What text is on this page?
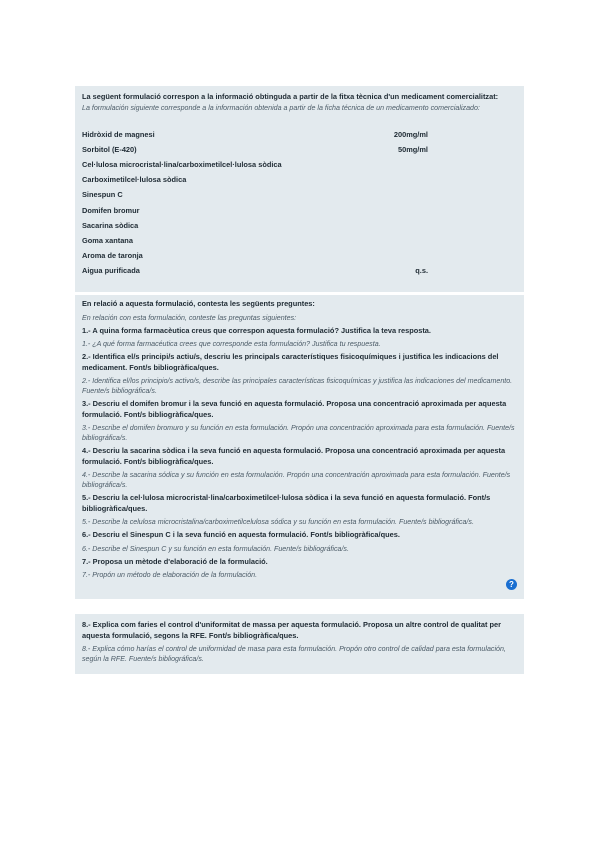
La següent formulació correspon a la informació obtinguda a partir de la fitxa tècnica d'un medicament comercialitzat:

La formulación siguiente corresponde a la información obtenida a partir de la ficha técnica de un medicamento comercializado:

Hidròxid de magnesi	200mg/ml
Sorbitol (E-420)	50mg/ml
Cel·lulosa microcristal·lina/carboximetilcel·lulosa sòdica
Carboximetilcel·lulosa sòdica
Sinespun C
Domifen bromur
Sacarina sòdica
Goma xantana
Aroma de taronja
Aigua purificada	q.s.

En relació a aquesta formulació, contesta les següents preguntes:

En relación con esta formulación, conteste las preguntas siguientes:

1.- A quina forma farmacèutica creus que correspon aquesta formulació? Justifica la teva resposta.

1.- ¿A qué forma farmacéutica crees que corresponde esta formulación? Justifica tu respuesta.

2.- Identifica el/s principi/s actiu/s, descriu les principals característiques fisicoquímiques i justifica les indicacions del medicament. Font/s bibliogràfica/ques.

2.- Identifica el/los principio/s activo/s, describe las principales características fisicoquímicas y justifica las indicaciones del medicamento. Fuente/s bibliográfica/s.

3.- Descriu el domifen bromur i la seva funció en aquesta formulació. Proposa una concentració aproximada per aquesta formulació. Font/s bibliogràfica/ques.

3.- Describe el domifen bromuro y su función en esta formulación. Propón una concentración aproximada para esta formulación. Fuente/s bibliográfica/s.

4.- Descriu la sacarina sòdica i la seva funció en aquesta formulació. Proposa una concentració aproximada per aquesta formulació. Font/s bibliogràfica/ques.

4.- Describe la sacarina sódica y su función en esta formulación. Propón una concentración aproximada para esta formulación. Fuente/s bibliográfica/s.

5.- Descriu la cel·lulosa microcristal·lina/carboximetilcel·lulosa sòdica i la seva funció en aquesta formulació. Font/s bibliogràfica/ques.

5.- Describe la celulosa microcristalina/carboximetilcelulosa sódica y su función en esta formulación. Fuente/s bibliográfica/s.

6.- Descriu el Sinespun C i la seva funció en aquesta formulació. Font/s bibliogràfica/ques.

6.- Describe el Sinespun C y su función en esta formulación. Fuente/s bibliográfica/s.

7.- Proposa un mètode d'elaboració de la formulació.

7.- Propón un método de elaboración de la formulación.

?

8.- Explica com faries el control d'uniformitat de massa per aquesta formulació. Proposa un altre control de qualitat per aquesta formulació, segons la RFE. Font/s bibliogràfica/ques.

8.- Explica cómo harías el control de uniformidad de masa para esta formulación. Propón otro control de calidad para esta formulación, según la RFE. Fuente/s bibliográfica/s.
